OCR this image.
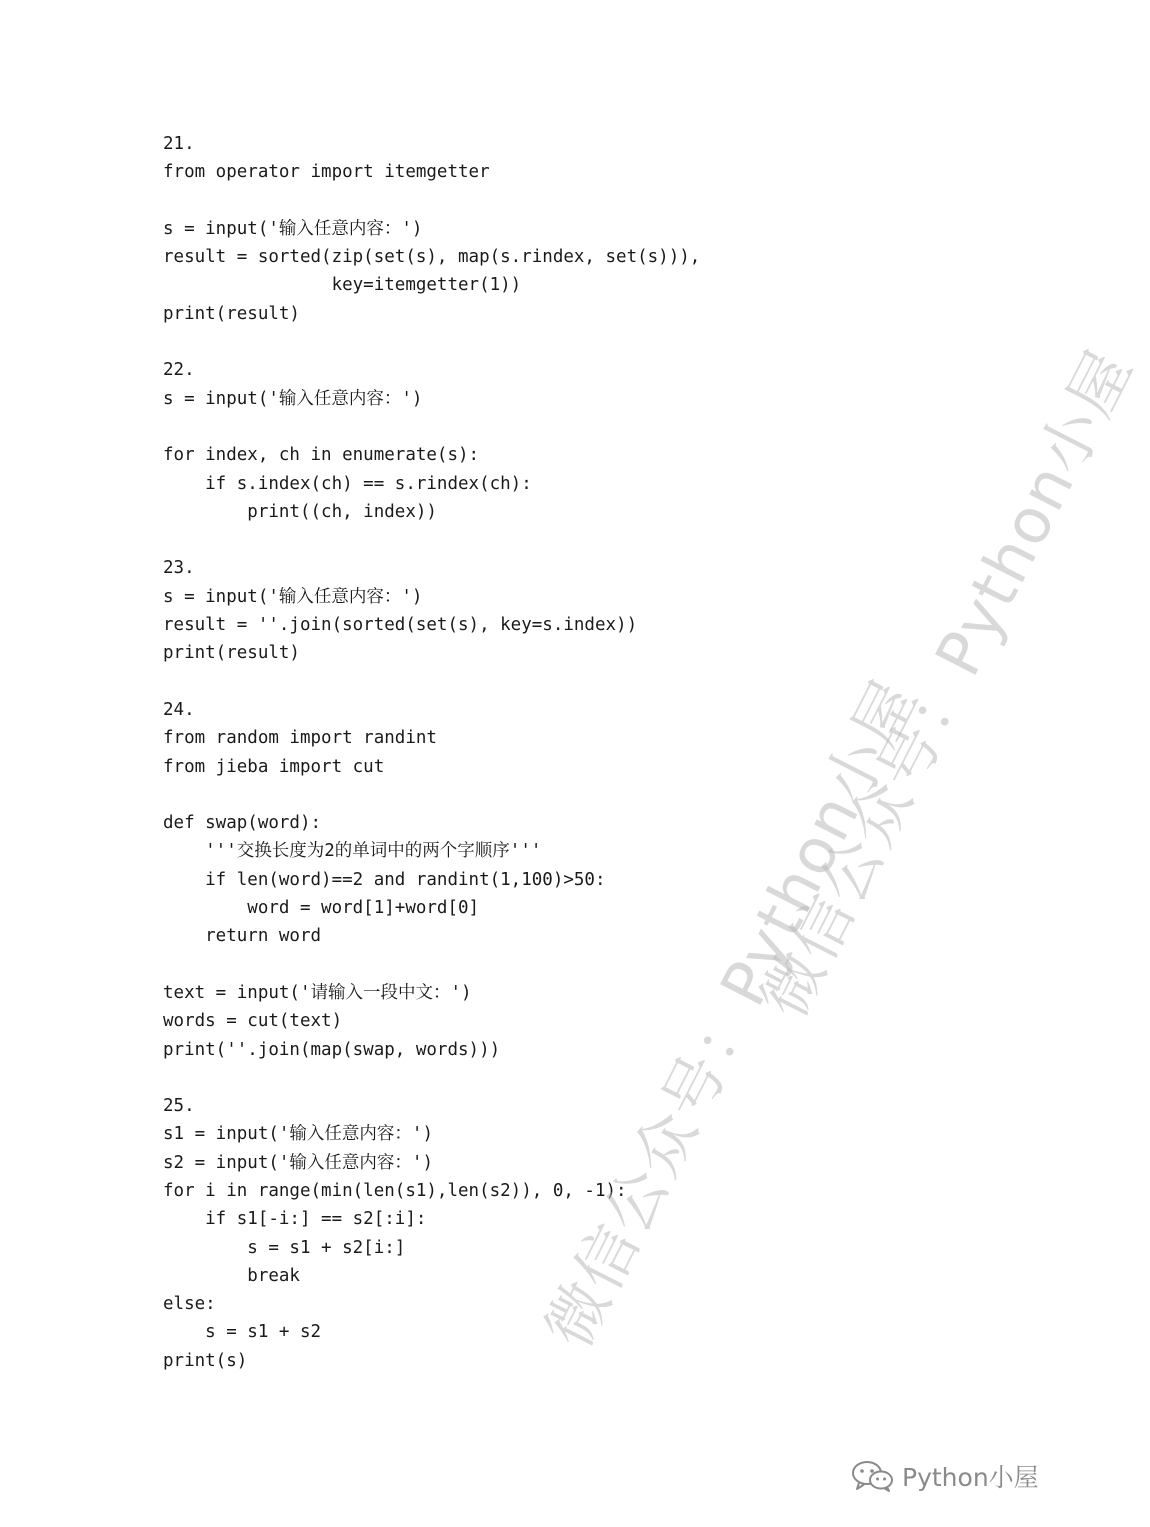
21.
from operator import itemgetter
s = input('输入任意内容：')
result = sorted(zip(set(s), map(s.rindex, set(s))),
key=itemgetter(1))
print(result)
22.
s = input('输入任意内容：')
for index, ch in enumerate(s):
if s.index(ch) == s.rindex(ch):
print((ch, index))
23.
s = input('输入任意内容：')
result = ''.join(sorted(set(s), key=s.index))
print(result)
24.
from random import randint
from jieba import cut
def swap(word):
'''交换长度为2的单词中的两个字顺序'''
if len(word)==2 and randint(1,100)>50:
word = word[1]+word[0]
return word
text = input('请输入一段中文：')
words = cut(text)
print(''.join(map(swap, words)))
25.
s1 = input('输入任意内容：')
s2 = input('输入任意内容：')
for i in range(min(len(s1),len(s2)), 0, -1):
if s1[-i:] == s2[:i]:
s = s1 + s2[i:]
break
else:
s = s1 + s2
print(s)
微信公众号：Python小屋
微信公众号：Python小屋
Python小屋
